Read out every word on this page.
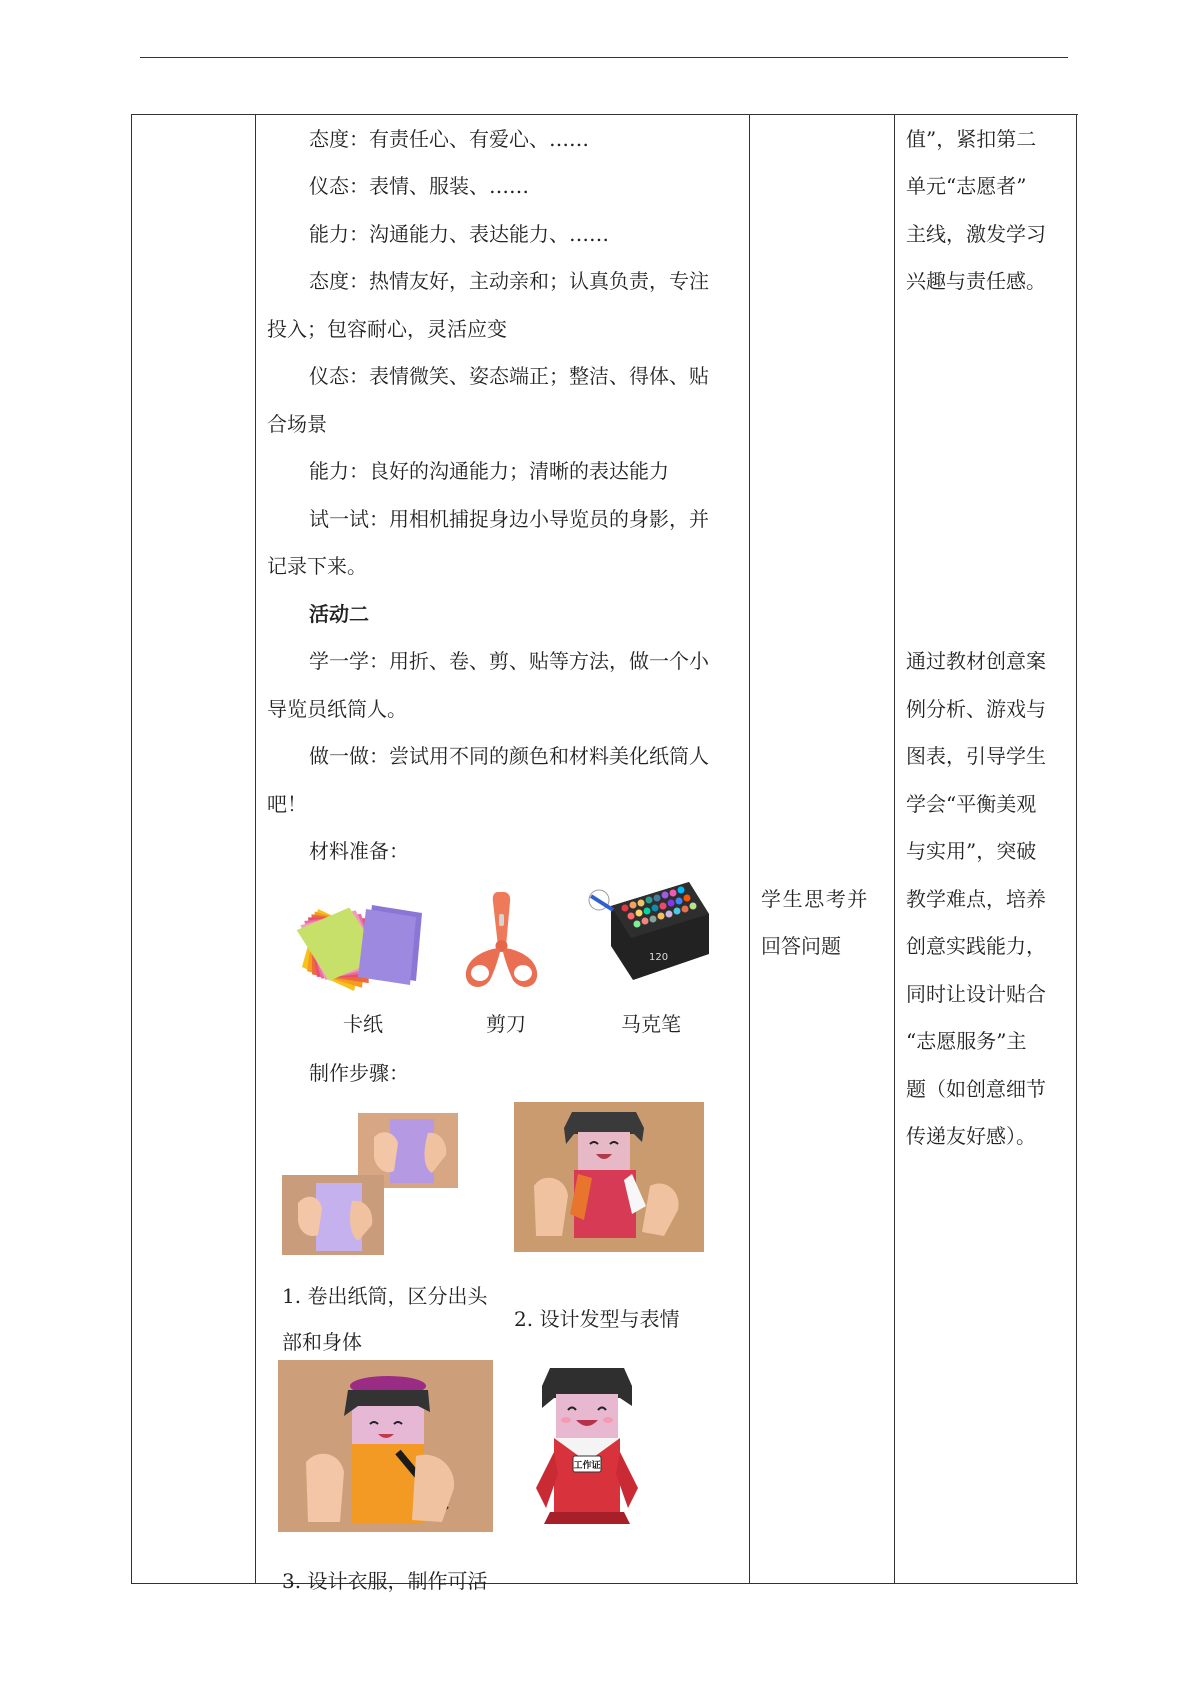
态度：有责任心、有爱心、……
仪态：表情、服装、……
能力：沟通能力、表达能力、……
态度：热情友好，主动亲和；认真负责，专注
投入；包容耐心，灵活应变
仪态：表情微笑、姿态端正；整洁、得体、贴
合场景
能力：良好的沟通能力；清晰的表达能力
试一试：用相机捕捉身边小导览员的身影，并
记录下来。
活动二
学一学：用折、卷、剪、贴等方法，做一个小
导览员纸筒人。
做一做：尝试用不同的颜色和材料美化纸筒人
吧！
材料准备：
120
卡纸	剪刀	马克笔
制作步骤：
1. 卷出纸筒，区分出头
部和身体
2. 设计发型与表情
3. 设计衣服，制作可活
工作证
学生思考并
回答问题
值”，紧扣第二
单元“志愿者”
主线，激发学习
兴趣与责任感。
通过教材创意案
例分析、游戏与
图表，引导学生
学会“平衡美观
与实用”，突破
教学难点，培养
创意实践能力，
同时让设计贴合
“志愿服务”主
题（如创意细节
传递友好感）。
